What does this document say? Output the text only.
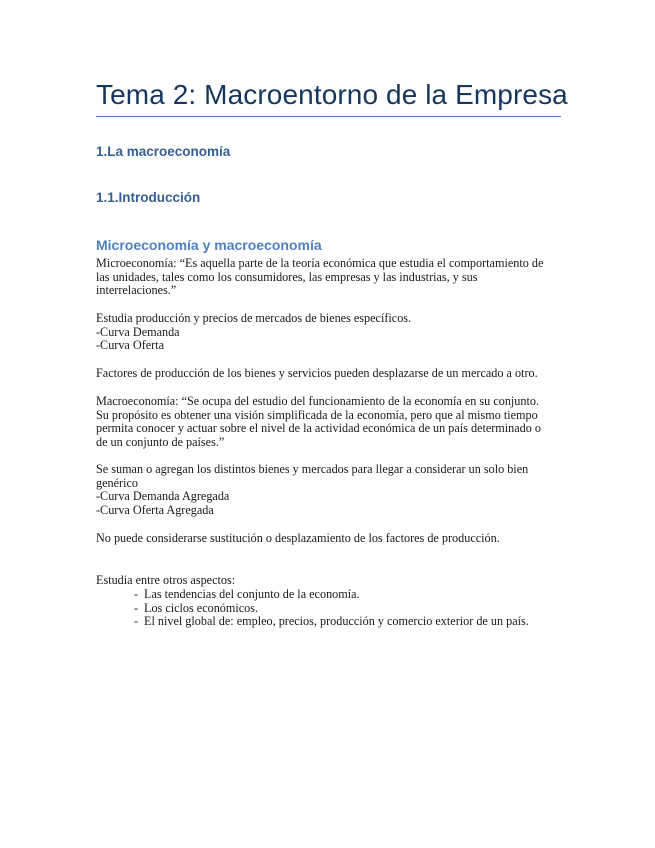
Tema 2: Macroentorno de la Empresa
1.La macroeconomía
1.1.Introducción
Microeconomía y macroeconomía
Microeconomía: “Es aquella parte de la teoría económica que estudia el comportamiento de
las unidades, tales como los consumidores, las empresas y las industrias, y sus
interrelaciones.”
Estudia producción y precios de mercados de bienes específicos.
-Curva Demanda
-Curva Oferta
Factores de producción de los bienes y servicios pueden desplazarse de un mercado a otro.
Macroeconomía: “Se ocupa del estudio del funcionamiento de la economía en su conjunto.
Su propósito es obtener una visión simplificada de la economía, pero que al mismo tiempo
permita conocer y actuar sobre el nivel de la actividad económica de un país determinado o
de un conjunto de países.”
Se suman o agregan los distintos bienes y mercados para llegar a considerar un solo bien
genérico
-Curva Demanda Agregada
-Curva Oferta Agregada
No puede considerarse sustitución o desplazamiento de los factores de producción.
Estudia entre otros aspectos:
- Las tendencias del conjunto de la economía.
- Los ciclos económicos.
- El nivel global de: empleo, precios, producción y comercio exterior de un país.
